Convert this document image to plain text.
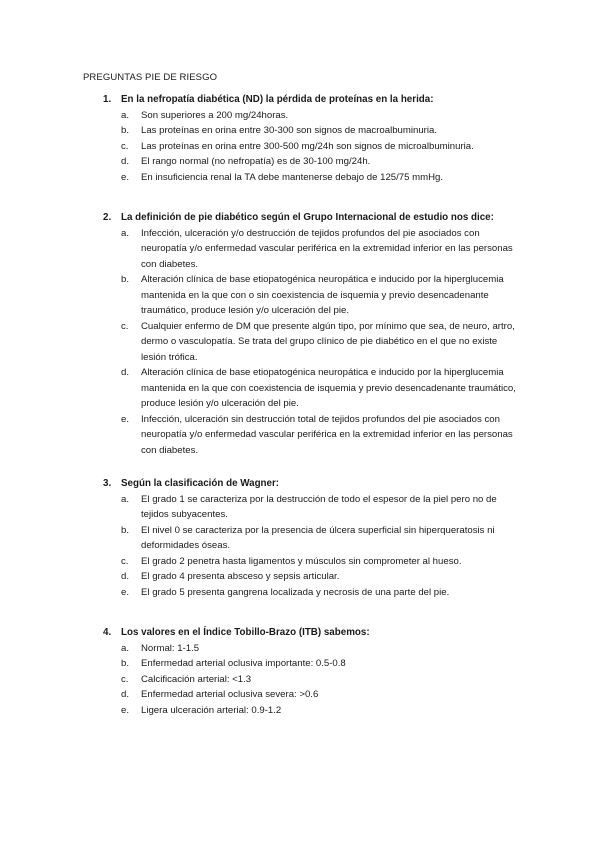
PREGUNTAS PIE DE RIESGO
1. En la nefropatía diabética (ND) la pérdida de proteínas en la herida:
a. Son superiores a 200 mg/24horas.
b. Las proteínas en orina entre 30-300 son signos de macroalbuminuria.
c. Las proteínas en orina entre 300-500 mg/24h son signos de microalbuminuria.
d. El rango normal (no nefropatía) es de 30-100 mg/24h.
e. En insuficiencia renal la TA debe mantenerse debajo de 125/75 mmHg.
2. La definición de pie diabético según el Grupo Internacional de estudio nos dice:
a. Infección, ulceración y/o destrucción de tejidos profundos del pie asociados con neuropatía y/o enfermedad vascular periférica en la extremidad inferior en las personas con diabetes.
b. Alteración clínica de base etiopatogénica neuropática e inducido por la hiperglucemia mantenida en la que con o sin coexistencia de isquemia y previo desencadenante traumático, produce lesión y/o ulceración del pie.
c. Cualquier enfermo de DM que presente algún tipo, por mínimo que sea, de neuro, artro, dermo o vasculopatía. Se trata del grupo clínico de pie diabético en el que no existe lesión trófica.
d. Alteración clínica de base etiopatogénica neuropática e inducido por la hiperglucemia mantenida en la que con coexistencia de isquemia y previo desencadenante traumático, produce lesión y/o ulceración del pie.
e. Infección, ulceración sin destrucción total de tejidos profundos del pie asociados con neuropatía y/o enfermedad vascular periférica en la extremidad inferior en las personas con diabetes.
3. Según la clasificación de Wagner:
a. El grado 1 se caracteriza por la destrucción de todo el espesor de la piel pero no de tejidos subyacentes.
b. El nivel 0 se caracteriza por la presencia de úlcera superficial sin hiperqueratosis ni deformidades óseas.
c. El grado 2 penetra hasta ligamentos y músculos sin comprometer al hueso.
d. El grado 4 presenta absceso y sepsis articular.
e. El grado 5 presenta gangrena localizada y necrosis de una parte del pie.
4. Los valores en el Índice Tobillo-Brazo (ITB) sabemos:
a. Normal: 1-1.5
b. Enfermedad arterial oclusiva importante: 0.5-0.8
c. Calcificación arterial: <1.3
d. Enfermedad arterial oclusiva severa: >0.6
e. Ligera ulceración arterial: 0.9-1.2
